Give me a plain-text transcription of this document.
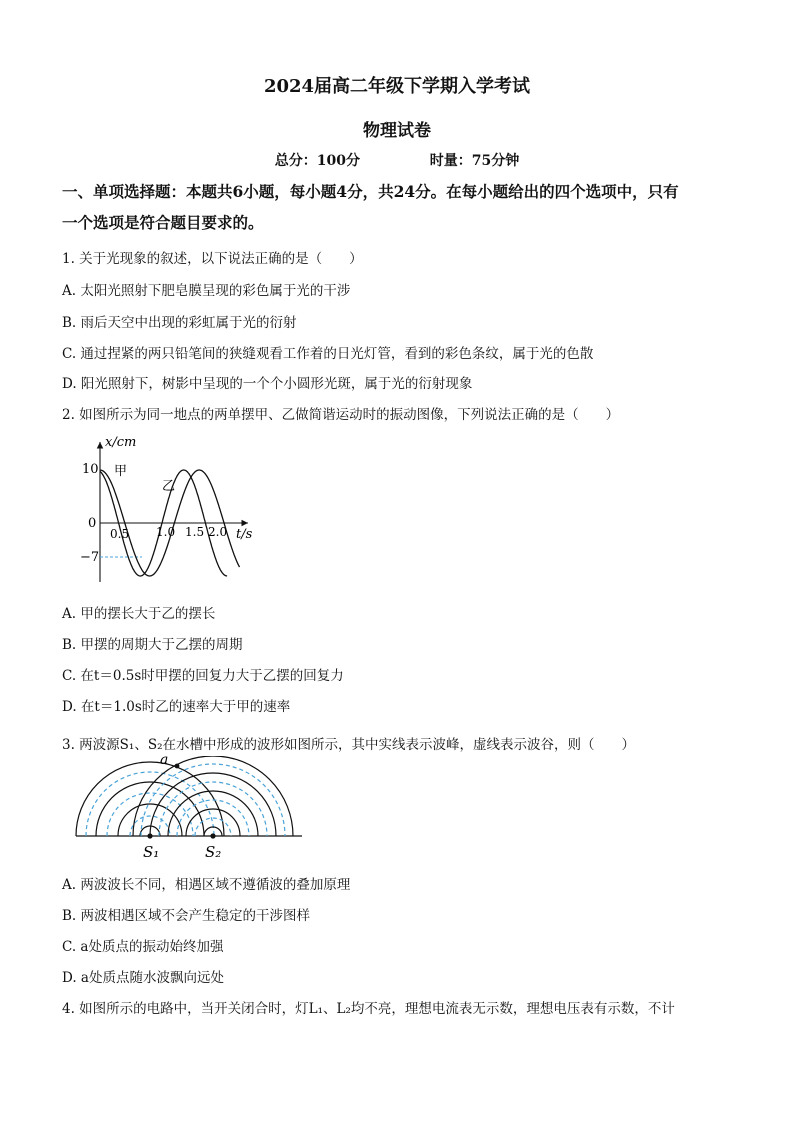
2024届高二年级下学期入学考试
物理试卷
总分：100分	时量：75分钟
一、单项选择题：本题共6小题，每小题4分，共24分。在每小题给出的四个选项中，只有
一个选项是符合题目要求的。
1. 关于光现象的叙述，以下说法正确的是（　　）
A. 太阳光照射下肥皂膜呈现的彩色属于光的干涉
B. 雨后天空中出现的彩虹属于光的衍射
C. 通过捏紧的两只铅笔间的狭缝观看工作着的日光灯管，看到的彩色条纹，属于光的色散
D. 阳光照射下，树影中呈现的一个个小圆形光斑，属于光的衍射现象
2. 如图所示为同一地点的两单摆甲、乙做简谐运动时的振动图像，下列说法正确的是（　　）
x/cm
10
0
−7
0.5 1.0 1.5 2.0 t/s
甲
乙
A. 甲的摆长大于乙的摆长
B. 甲摆的周期大于乙摆的周期
C. 在t＝0.5s时甲摆的回复力大于乙摆的回复力
D. 在t＝1.0s时乙的速率大于甲的速率
3. 两波源S₁、S₂在水槽中形成的波形如图所示，其中实线表示波峰，虚线表示波谷，则（　　）
a
S₁	S₂
A. 两波波长不同，相遇区域不遵循波的叠加原理
B. 两波相遇区域不会产生稳定的干涉图样
C. a处质点的振动始终加强
D. a处质点随水波飘向远处
4. 如图所示的电路中，当开关闭合时，灯L₁、L₂均不亮，理想电流表无示数，理想电压表有示数，不计
